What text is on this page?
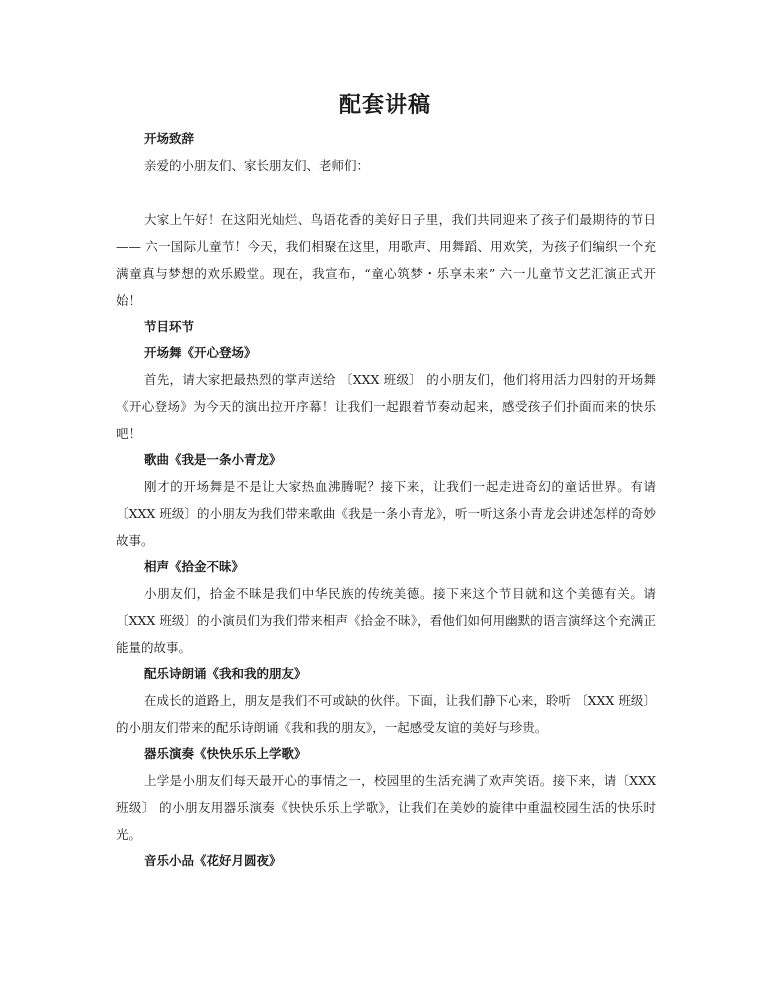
配套讲稿

开场致辞

亲爱的小朋友们、家长朋友们、老师们：

大家上午好！在这阳光灿烂、鸟语花香的美好日子里，我们共同迎来了孩子们最期待的节日 —— 六一国际儿童节！今天，我们相聚在这里，用歌声、用舞蹈、用欢笑，为孩子们编织一个充满童真与梦想的欢乐殿堂。现在，我宣布，“童心筑梦・乐享未来” 六一儿童节文艺汇演正式开始！

节目环节

开场舞《开心登场》

首先，请大家把最热烈的掌声送给 〔XXX 班级〕 的小朋友们，他们将用活力四射的开场舞《开心登场》为今天的演出拉开序幕！让我们一起跟着节奏动起来，感受孩子们扑面而来的快乐吧！

歌曲《我是一条小青龙》

刚才的开场舞是不是让大家热血沸腾呢？接下来，让我们一起走进奇幻的童话世界。有请〔XXX 班级〕的小朋友为我们带来歌曲《我是一条小青龙》，听一听这条小青龙会讲述怎样的奇妙故事。

相声《拾金不昧》

小朋友们，拾金不昧是我们中华民族的传统美德。接下来这个节目就和这个美德有关。请〔XXX 班级〕的小演员们为我们带来相声《拾金不昧》，看他们如何用幽默的语言演绎这个充满正能量的故事。

配乐诗朗诵《我和我的朋友》

在成长的道路上，朋友是我们不可或缺的伙伴。下面，让我们静下心来，聆听 〔XXX 班级〕的小朋友们带来的配乐诗朗诵《我和我的朋友》，一起感受友谊的美好与珍贵。

器乐演奏《快快乐乐上学歌》

上学是小朋友们每天最开心的事情之一，校园里的生活充满了欢声笑语。接下来，请〔XXX 班级〕 的小朋友用器乐演奏《快快乐乐上学歌》，让我们在美妙的旋律中重温校园生活的快乐时光。

音乐小品《花好月圆夜》
